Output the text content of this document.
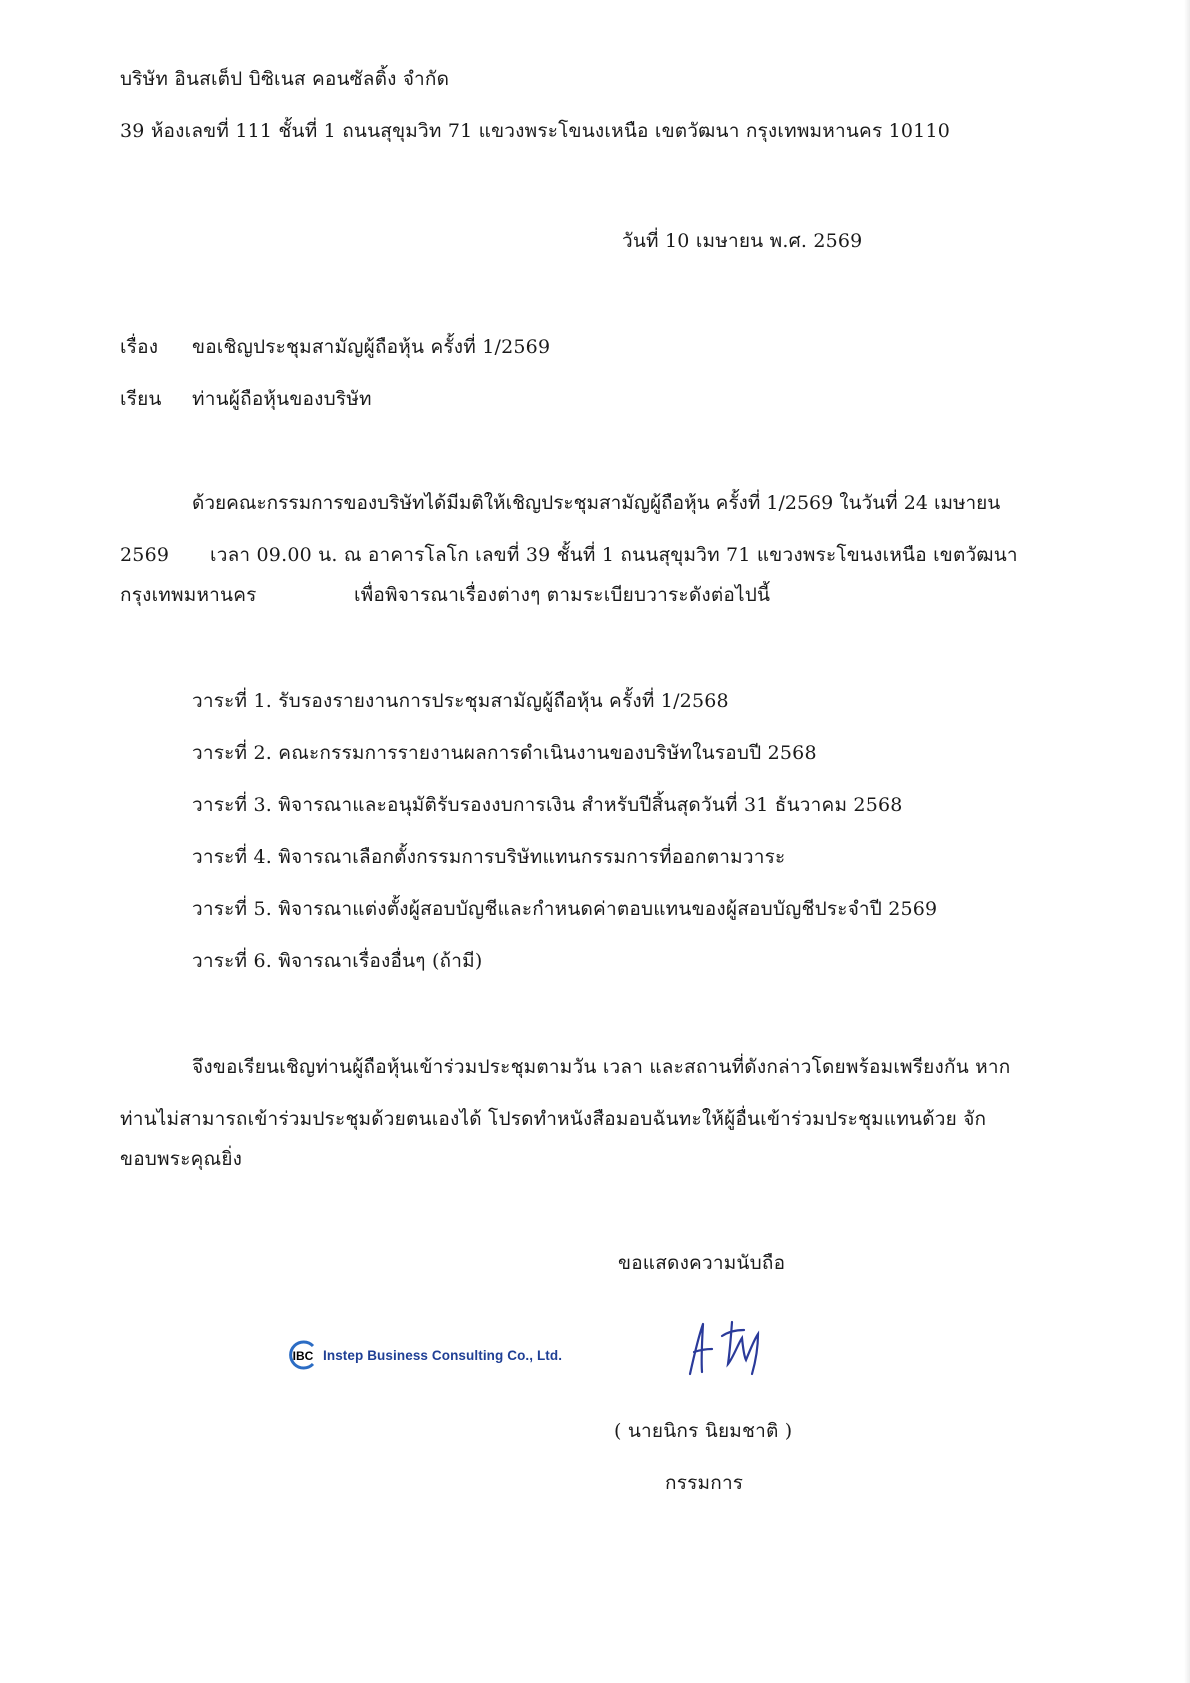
บริษัท อินสเต็ป บิซิเนส คอนซัลติ้ง จำกัด
39 ห้องเลขที่ 111 ชั้นที่ 1 ถนนสุขุมวิท 71 แขวงพระโขนงเหนือ เขตวัฒนา กรุงเทพมหานคร 10110
วันที่ 10 เมษายน พ.ศ. 2569
เรื่อง ขอเชิญประชุมสามัญผู้ถือหุ้น ครั้งที่ 1/2569
เรียน ท่านผู้ถือหุ้นของบริษัท
ด้วยคณะกรรมการของบริษัทได้มีมติให้เชิญประชุมสามัญผู้ถือหุ้น ครั้งที่ 1/2569 ในวันที่ 24 เมษายน
2569 เวลา 09.00 น. ณ อาคารโลโก เลขที่ 39 ชั้นที่ 1 ถนนสุขุมวิท 71 แขวงพระโขนงเหนือ เขตวัฒนา
กรุงเทพมหานคร	เพื่อพิจารณาเรื่องต่างๆ ตามระเบียบวาระดังต่อไปนี้
วาระที่ 1. รับรองรายงานการประชุมสามัญผู้ถือหุ้น ครั้งที่ 1/2568
วาระที่ 2. คณะกรรมการรายงานผลการดำเนินงานของบริษัทในรอบปี 2568
วาระที่ 3. พิจารณาและอนุมัติรับรองงบการเงิน สำหรับปีสิ้นสุดวันที่ 31 ธันวาคม 2568
วาระที่ 4. พิจารณาเลือกตั้งกรรมการบริษัทแทนกรรมการที่ออกตามวาระ
วาระที่ 5. พิจารณาแต่งตั้งผู้สอบบัญชีและกำหนดค่าตอบแทนของผู้สอบบัญชีประจำปี 2569
วาระที่ 6. พิจารณาเรื่องอื่นๆ (ถ้ามี)
จึงขอเรียนเชิญท่านผู้ถือหุ้นเข้าร่วมประชุมตามวัน เวลา และสถานที่ดังกล่าวโดยพร้อมเพรียงกัน หาก
ท่านไม่สามารถเข้าร่วมประชุมด้วยตนเองได้ โปรดทำหนังสือมอบฉันทะให้ผู้อื่นเข้าร่วมประชุมแทนด้วย จัก
ขอบพระคุณยิ่ง
ขอแสดงความนับถือ
IBC Instep Business Consulting Co., Ltd.
( นายนิกร นิยมชาติ )
กรรมการ
